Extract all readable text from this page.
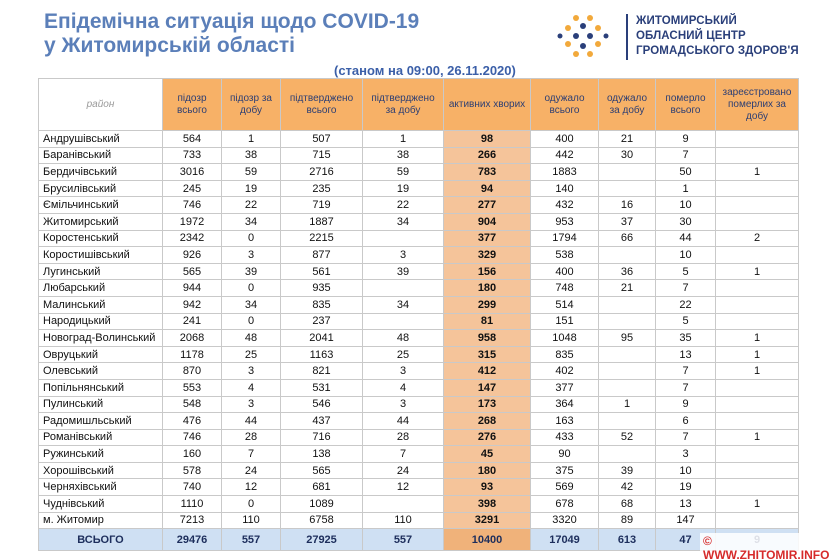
Епідемічна ситуація щодо COVID-19
у Житомирській області
ЖИТОМИРСЬКИЙ
ОБЛАСНИЙ ЦЕНТР
ГРОМАДСЬКОГО ЗДОРОВ'Я
(станом на 09:00, 26.11.2020)
район	підозр всього	підозр за добу	підтверджено всього	підтверджено за добу	активних хворих	одужало всього	одужало за добу	померло всього	зареєстровано померлих за добу
Андрушівський	564	1	507	1	98	400	21	9	
Баранівський	733	38	715	38	266	442	30	7	
Бердичівський	3016	59	2716	59	783	1883		50	1
Брусилівський	245	19	235	19	94	140		1	
Ємільчинський	746	22	719	22	277	432	16	10	
Житомирський	1972	34	1887	34	904	953	37	30	
Коростенський	2342	0	2215		377	1794	66	44	2
Коростишівський	926	3	877	3	329	538		10	
Лугинський	565	39	561	39	156	400	36	5	1
Любарський	944	0	935		180	748	21	7	
Малинський	942	34	835	34	299	514		22	
Народицький	241	0	237		81	151		5	
Новоград-Волинський	2068	48	2041	48	958	1048	95	35	1
Овруцький	1178	25	1163	25	315	835		13	1
Олевський	870	3	821	3	412	402		7	1
Попільнянський	553	4	531	4	147	377		7	
Пулинський	548	3	546	3	173	364	1	9	
Радомишльський	476	44	437	44	268	163		6	
Романівський	746	28	716	28	276	433	52	7	1
Ружинський	160	7	138	7	45	90		3	
Хорошівський	578	24	565	24	180	375	39	10	
Черняхівський	740	12	681	12	93	569	42	19	
Чуднівський	1110	0	1089		398	678	68	13	1
м. Житомир	7213	110	6758	110	3291	3320	89	147	
ВСЬОГО	29476	557	27925	557	10400	17049	613	47	© WWW.ZHITOMIR.INFO
